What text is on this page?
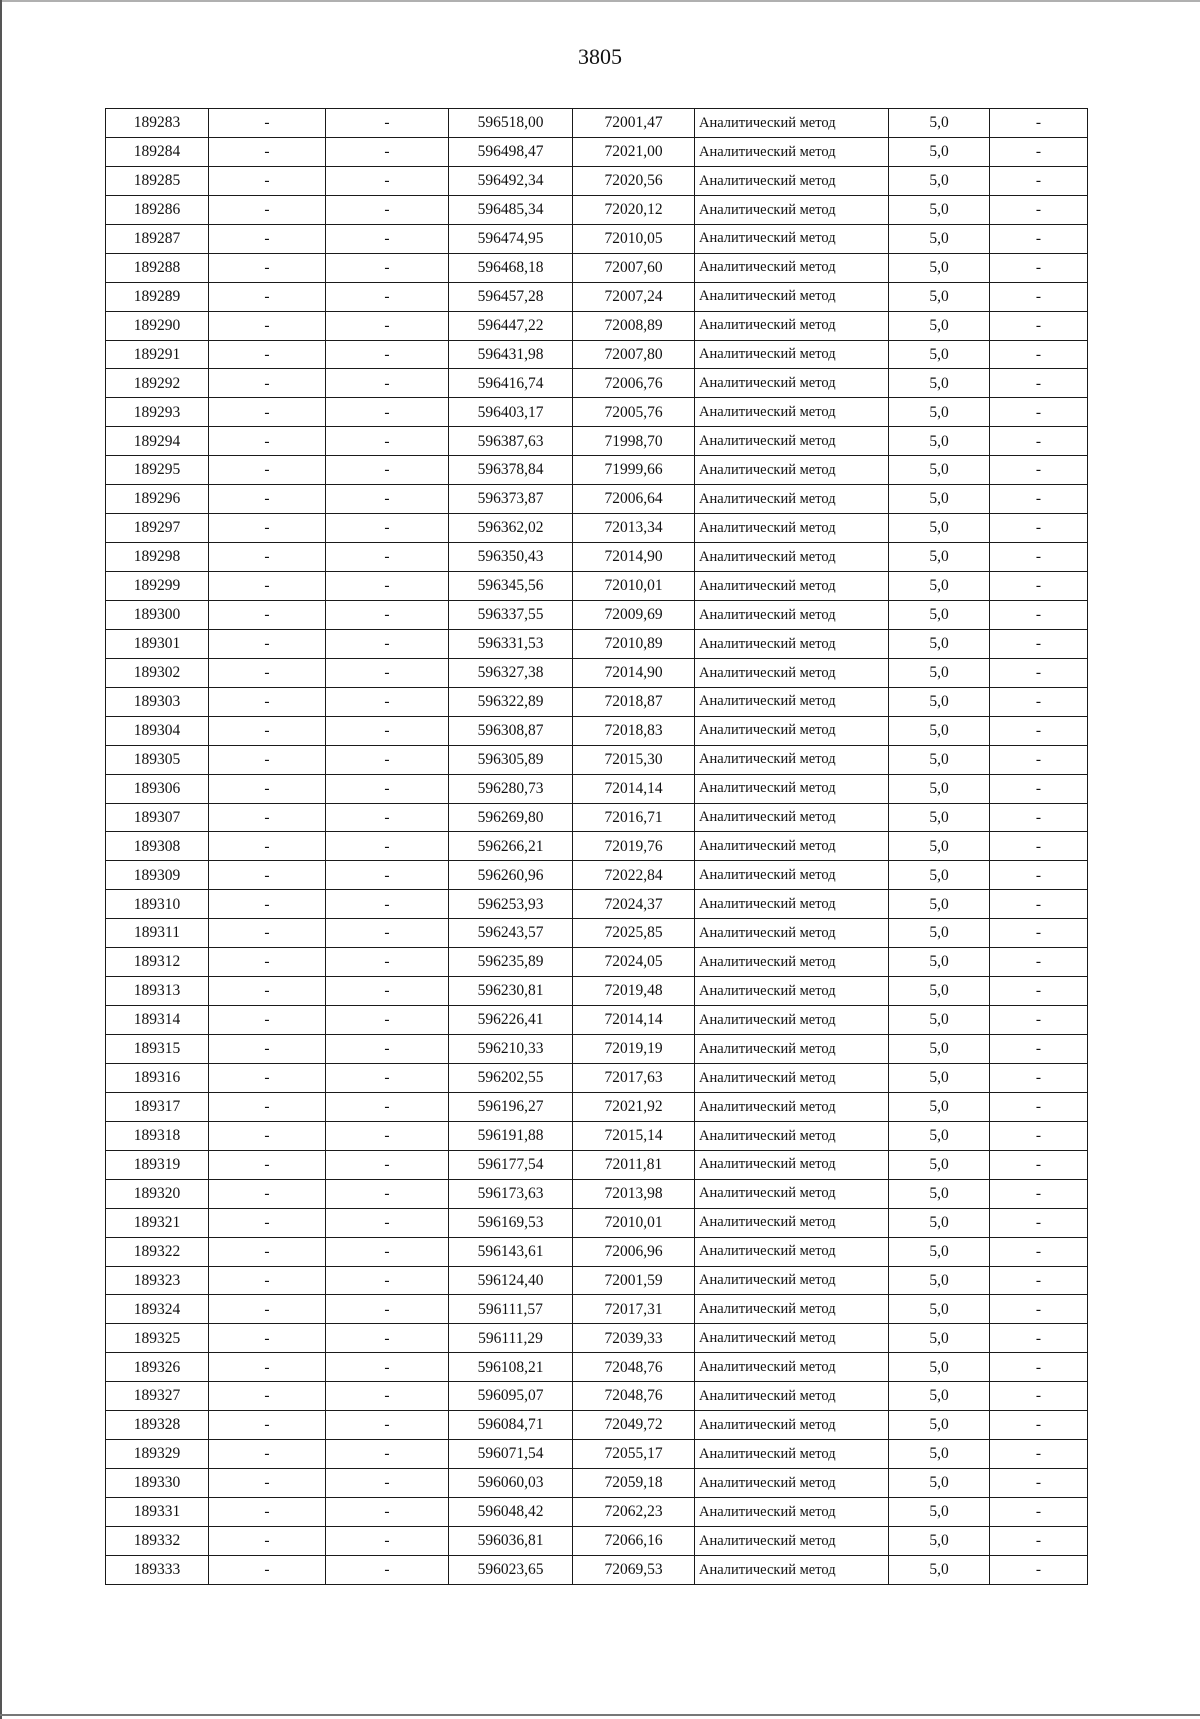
3805
189283	-	-	596518,00	72001,47	Аналитический метод	5,0	-
189284	-	-	596498,47	72021,00	Аналитический метод	5,0	-
189285	-	-	596492,34	72020,56	Аналитический метод	5,0	-
189286	-	-	596485,34	72020,12	Аналитический метод	5,0	-
189287	-	-	596474,95	72010,05	Аналитический метод	5,0	-
189288	-	-	596468,18	72007,60	Аналитический метод	5,0	-
189289	-	-	596457,28	72007,24	Аналитический метод	5,0	-
189290	-	-	596447,22	72008,89	Аналитический метод	5,0	-
189291	-	-	596431,98	72007,80	Аналитический метод	5,0	-
189292	-	-	596416,74	72006,76	Аналитический метод	5,0	-
189293	-	-	596403,17	72005,76	Аналитический метод	5,0	-
189294	-	-	596387,63	71998,70	Аналитический метод	5,0	-
189295	-	-	596378,84	71999,66	Аналитический метод	5,0	-
189296	-	-	596373,87	72006,64	Аналитический метод	5,0	-
189297	-	-	596362,02	72013,34	Аналитический метод	5,0	-
189298	-	-	596350,43	72014,90	Аналитический метод	5,0	-
189299	-	-	596345,56	72010,01	Аналитический метод	5,0	-
189300	-	-	596337,55	72009,69	Аналитический метод	5,0	-
189301	-	-	596331,53	72010,89	Аналитический метод	5,0	-
189302	-	-	596327,38	72014,90	Аналитический метод	5,0	-
189303	-	-	596322,89	72018,87	Аналитический метод	5,0	-
189304	-	-	596308,87	72018,83	Аналитический метод	5,0	-
189305	-	-	596305,89	72015,30	Аналитический метод	5,0	-
189306	-	-	596280,73	72014,14	Аналитический метод	5,0	-
189307	-	-	596269,80	72016,71	Аналитический метод	5,0	-
189308	-	-	596266,21	72019,76	Аналитический метод	5,0	-
189309	-	-	596260,96	72022,84	Аналитический метод	5,0	-
189310	-	-	596253,93	72024,37	Аналитический метод	5,0	-
189311	-	-	596243,57	72025,85	Аналитический метод	5,0	-
189312	-	-	596235,89	72024,05	Аналитический метод	5,0	-
189313	-	-	596230,81	72019,48	Аналитический метод	5,0	-
189314	-	-	596226,41	72014,14	Аналитический метод	5,0	-
189315	-	-	596210,33	72019,19	Аналитический метод	5,0	-
189316	-	-	596202,55	72017,63	Аналитический метод	5,0	-
189317	-	-	596196,27	72021,92	Аналитический метод	5,0	-
189318	-	-	596191,88	72015,14	Аналитический метод	5,0	-
189319	-	-	596177,54	72011,81	Аналитический метод	5,0	-
189320	-	-	596173,63	72013,98	Аналитический метод	5,0	-
189321	-	-	596169,53	72010,01	Аналитический метод	5,0	-
189322	-	-	596143,61	72006,96	Аналитический метод	5,0	-
189323	-	-	596124,40	72001,59	Аналитический метод	5,0	-
189324	-	-	596111,57	72017,31	Аналитический метод	5,0	-
189325	-	-	596111,29	72039,33	Аналитический метод	5,0	-
189326	-	-	596108,21	72048,76	Аналитический метод	5,0	-
189327	-	-	596095,07	72048,76	Аналитический метод	5,0	-
189328	-	-	596084,71	72049,72	Аналитический метод	5,0	-
189329	-	-	596071,54	72055,17	Аналитический метод	5,0	-
189330	-	-	596060,03	72059,18	Аналитический метод	5,0	-
189331	-	-	596048,42	72062,23	Аналитический метод	5,0	-
189332	-	-	596036,81	72066,16	Аналитический метод	5,0	-
189333	-	-	596023,65	72069,53	Аналитический метод	5,0	-
